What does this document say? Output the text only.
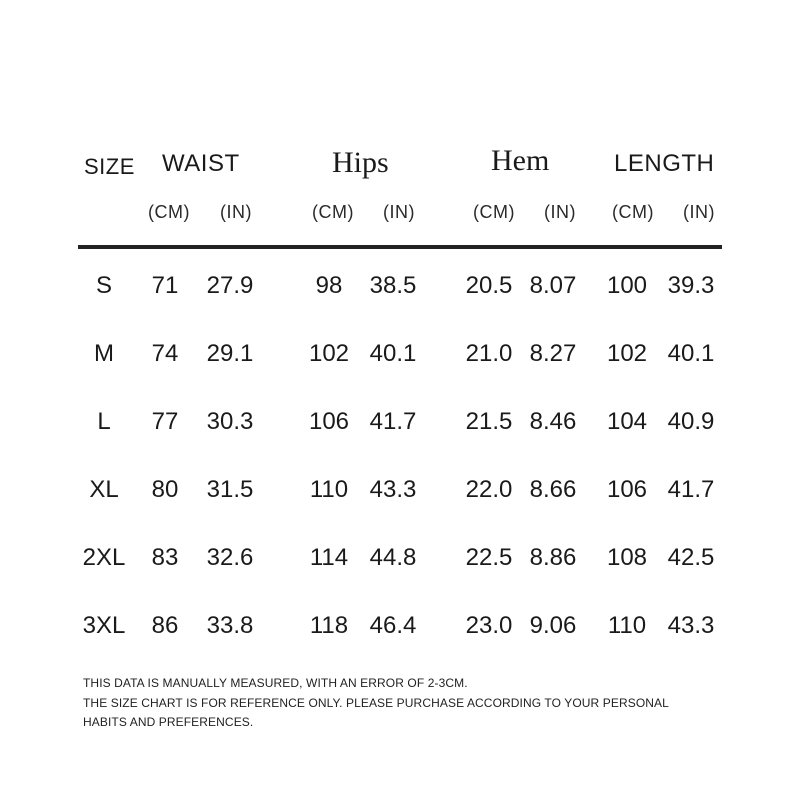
SIZE WAIST	Hips	Hem	LENGTH
(CM) (IN)	(CM) (IN)	(CM) (IN) (CM) (IN)
S 71 27.9	98 38.5 20.5 8.07 100 39.3
M 74 29.1 102 40.1 21.0 8.27 102 40.1
L 77 30.3 106 41.7 21.5 8.46 104 40.9
XL 80 31.5 110 43.3 22.0 8.66 106 41.7
2XL 83 32.6 114 44.8 22.5 8.86 108 42.5
3XL 86 33.8 118 46.4 23.0 9.06 110 43.3
THIS DATA IS MANUALLY MEASURED, WITH AN ERROR OF 2-3CM.
THE SIZE CHART IS FOR REFERENCE ONLY. PLEASE PURCHASE ACCORDING TO YOUR PERSONAL
HABITS AND PREFERENCES.
